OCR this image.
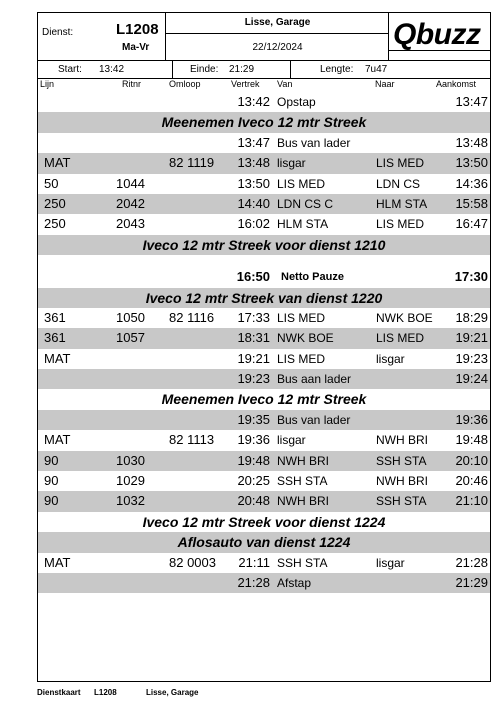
Dienst:	L1208
Ma-Vr
Lisse, Garage
22/12/2024	Qbuzz
Start: 13:42	Einde: 21:29	Lengte: 7u47
Lijn	Ritnr	Omloop	Vertrek Van	Naar	Aankomst
13:42 Opstap	13:47
Meenemen Iveco 12 mtr Streek
13:47 Bus van lader	13:48
MAT	82 1119	13:48 lisgar	LIS MED	13:50
50	1044	13:50 LIS MED	LDN CS	14:36
250	2042	14:40 LDN CS C	HLM STA	15:58
250	2043	16:02 HLM STA	LIS MED	16:47
Iveco 12 mtr Streek voor dienst 1210
16:50 Netto Pauze	17:30
Iveco 12 mtr Streek van dienst 1220
361	1050	82 1116	17:33 LIS MED	NWK BOE	18:29
361	1057	18:31 NWK BOE	LIS MED	19:21
MAT	19:21 LIS MED	lisgar	19:23
19:23 Bus aan lader	19:24
Meenemen Iveco 12 mtr Streek
19:35 Bus van lader	19:36
MAT	82 1113	19:36 lisgar	NWH BRI	19:48
90	1030	19:48 NWH BRI	SSH STA	20:10
90	1029	20:25 SSH STA	NWH BRI	20:46
90	1032	20:48 NWH BRI	SSH STA	21:10
Iveco 12 mtr Streek voor dienst 1224
Aflosauto van dienst 1224
MAT	82 0003	21:11 SSH STA	lisgar	21:28
21:28 Afstap	21:29
Dienstkaart	L1208	Lisse, Garage
